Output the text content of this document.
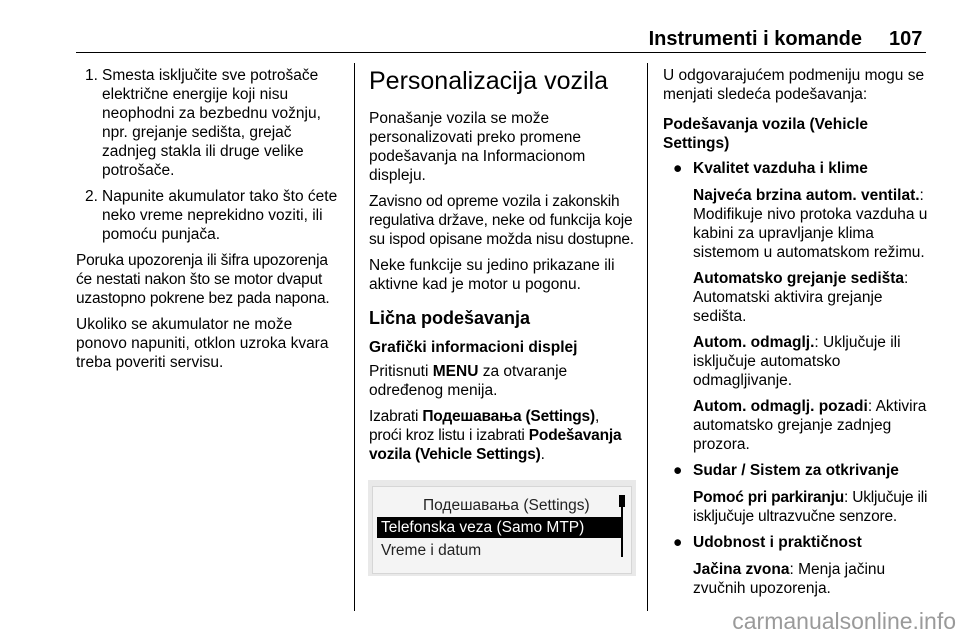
Instrumenti i komande 107
1. Smesta isključite sve potrošače električne energije koji nisu neophodni za bezbednu vožnju, npr. grejanje sedišta, grejač zadnjeg stakla ili druge velike potrošače.
2. Napunite akumulator tako što ćete neko vreme neprekidno voziti, ili pomoću punjača.

Poruka upozorenja ili šifra upozorenja će nestati nakon što se motor dvaput uzastopno pokrene bez pada napona.

Ukoliko se akumulator ne može ponovo napuniti, otklon uzroka kvara treba poveriti servisu.

Personalizacija vozila

Ponašanje vozila se može personalizovati preko promene podešavanja na Informacionom displeju.

Zavisno od opreme vozila i zakonskih regulativa države, neke od funkcija koje su ispod opisane možda nisu dostupne.

Neke funkcije su jedino prikazane ili aktivne kad je motor u pogonu.

Lična podešavanja
Grafički informacioni displej

Pritisnuti MENU za otvaranje određenog menija.

Izabrati Подешавања (Settings), proći kroz listu i izabrati Podešavanja vozila (Vehicle Settings).

Подешавања (Settings)
Telefonska veza (Samo MTP)
Vreme i datum

U odgovarajućem podmeniju mogu se menjati sledeća podešavanja:

Podešavanja vozila (Vehicle Settings)
● Kvalitet vazduha i klime

Najveća brzina autom. ventilat.: Modifikuje nivo protoka vazduha u kabini za upravljanje klima sistemom u automatskom režimu.

Automatsko grejanje sedišta: Automatski aktivira grejanje sedišta.

Autom. odmaglj.: Uključuje ili isključuje automatsko odmagljivanje.

Autom. odmaglj. pozadi: Aktivira automatsko grejanje zadnjeg prozora.

● Sudar / Sistem za otkrivanje

Pomoć pri parkiranju: Uključuje ili isključuje ultrazvučne senzore.

● Udobnost i praktičnost

Jačina zvona: Menja jačinu zvučnih upozorenja.

carmanualsonline.info
